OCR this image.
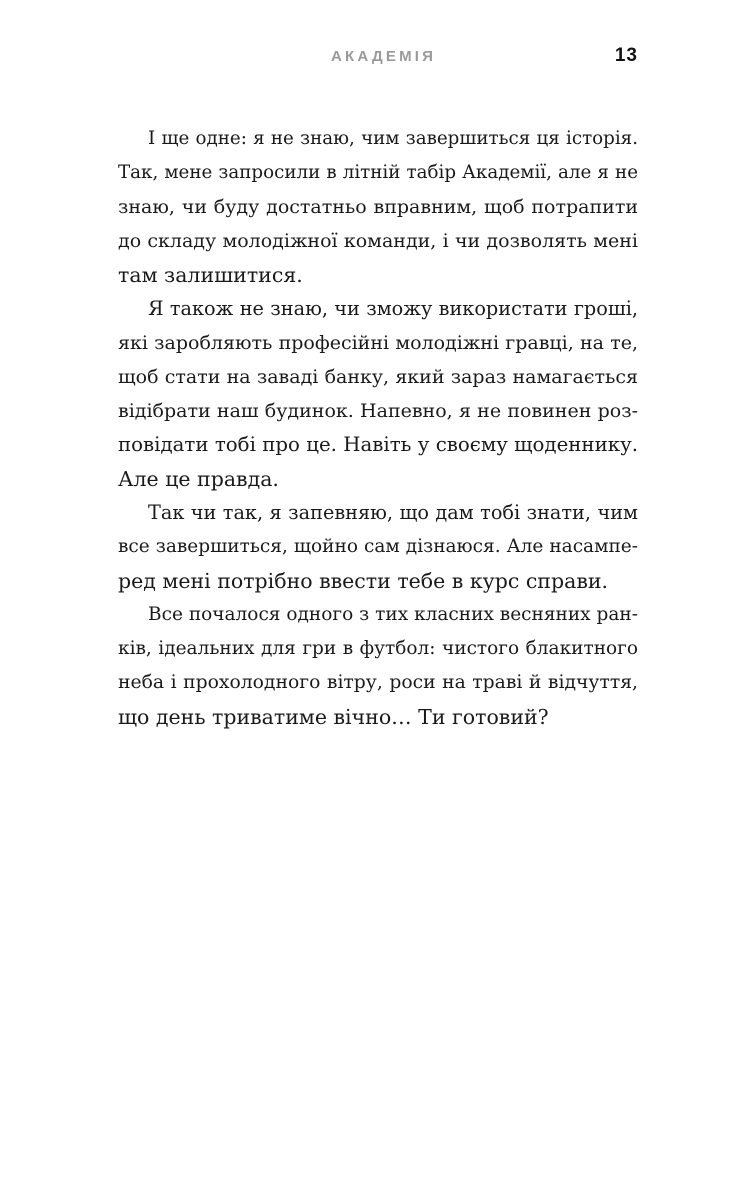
АКАДЕМІЯ	13
І ще одне: я не знаю, чим завершиться ця історія.
Так, мене запросили в літній табір Академії, але я не
знаю, чи буду достатньо вправним, щоб потрапити
до складу молодіжної команди, і чи дозволять мені
там залишитися.
Я також не знаю, чи зможу використати гроші,
які заробляють професійні молодіжні гравці, на те,
щоб стати на заваді банку, який зараз намагається
відібрати наш будинок. Напевно, я не повинен роз-
повідати тобі про це. Навіть у своєму щоденнику.
Але це правда.
Так чи так, я запевняю, що дам тобі знати, чим
все завершиться, щойно сам дізнаюся. Але насампе-
ред мені потрібно ввести тебе в курс справи.
Все почалося одного з тих класних весняних ран-
ків, ідеальних для гри в футбол: чистого блакитного
неба і прохолодного вітру, роси на траві й відчуття,
що день триватиме вічно… Ти готовий?
